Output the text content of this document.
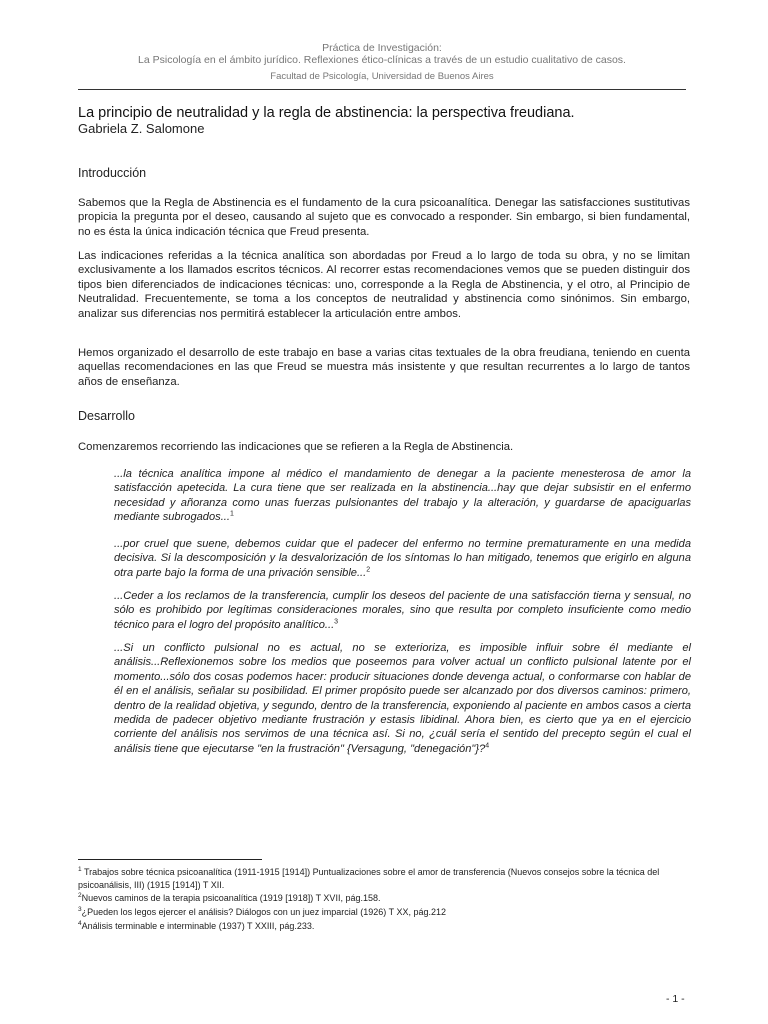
Práctica de Investigación:
La Psicología en el ámbito jurídico. Reflexiones ético-clínicas a través de un estudio cualitativo de casos.
Facultad de Psicología, Universidad de Buenos Aires
La principio de neutralidad y la regla de abstinencia: la perspectiva freudiana.
Gabriela Z. Salomone
Introducción
Sabemos que la Regla de Abstinencia es el fundamento de la cura psicoanalítica. Denegar las satisfacciones sustitutivas propicia la pregunta por el deseo, causando al sujeto que es convocado a responder. Sin embargo, si bien fundamental, no es ésta la única indicación técnica que Freud presenta.
Las indicaciones referidas a la técnica analítica son abordadas por Freud a lo largo de toda su obra, y no se limitan exclusivamente a los llamados escritos técnicos. Al recorrer estas recomendaciones vemos que se pueden distinguir dos tipos bien diferenciados de indicaciones técnicas: uno, corresponde a la Regla de Abstinencia, y el otro, al Principio de Neutralidad. Frecuentemente, se toma a los conceptos de neutralidad y abstinencia como sinónimos. Sin embargo, analizar sus diferencias nos permitirá establecer la articulación entre ambos.
Hemos organizado el desarrollo de este trabajo en base a varias citas textuales de la obra freudiana, teniendo en cuenta aquellas recomendaciones en las que Freud se muestra más insistente y que resultan recurrentes a lo largo de tantos años de enseñanza.
Desarrollo
Comenzaremos recorriendo las indicaciones que se refieren a la Regla de Abstinencia.
...la técnica analítica impone al médico el mandamiento de denegar a la paciente menesterosa de amor la satisfacción apetecida. La cura tiene que ser realizada en la abstinencia...hay que dejar subsistir en el enfermo necesidad y añoranza como unas fuerzas pulsionantes del trabajo y la alteración, y guardarse de apaciguarlas mediante subrogados...$^1$
...por cruel que suene, debemos cuidar que el padecer del enfermo no termine prematuramente en una medida decisiva. Si la descomposición y la desvalorización de los síntomas lo han mitigado, tenemos que erigirlo en alguna otra parte bajo la forma de una privación sensible...$^2$
...Ceder a los reclamos de la transferencia, cumplir los deseos del paciente de una satisfacción tierna y sensual, no sólo es prohibido por legítimas consideraciones morales, sino que resulta por completo insuficiente como medio técnico para el logro del propósito analítico...$^3$
...Si un conflicto pulsional no es actual, no se exterioriza, es imposible influir sobre él mediante el análisis...Reflexionemos sobre los medios que poseemos para volver actual un conflicto pulsional latente por el momento...sólo dos cosas podemos hacer: producir situaciones donde devenga actual, o conformarse con hablar de él en el análisis, señalar su posibilidad. El primer propósito puede ser alcanzado por dos diversos caminos: primero, dentro de la realidad objetiva, y segundo, dentro de la transferencia, exponiendo al paciente en ambos casos a cierta medida de padecer objetivo mediante frustración y estasis libidinal. Ahora bien, es cierto que ya en el ejercicio corriente del análisis nos servimos de una técnica así. Si no, ¿cuál sería el sentido del precepto según el cual el análisis tiene que ejecutarse "en la frustración" {Versagung, "denegación"}?$^4$
$^1$ Trabajos sobre técnica psicoanalítica (1911-1915 [1914]) Puntualizaciones sobre el amor de transferencia (Nuevos consejos sobre la técnica del psicoanálisis, III) (1915 [1914]) T XII.
$^2$Nuevos caminos de la terapia psicoanalítica (1919 [1918]) T XVII, pág.158.
$^3$¿Pueden los legos ejercer el análisis? Diálogos con un juez imparcial (1926) T XX, pág.212
$^4$Análisis terminable e interminable (1937) T XXIII, pág.233.
- 1 -
